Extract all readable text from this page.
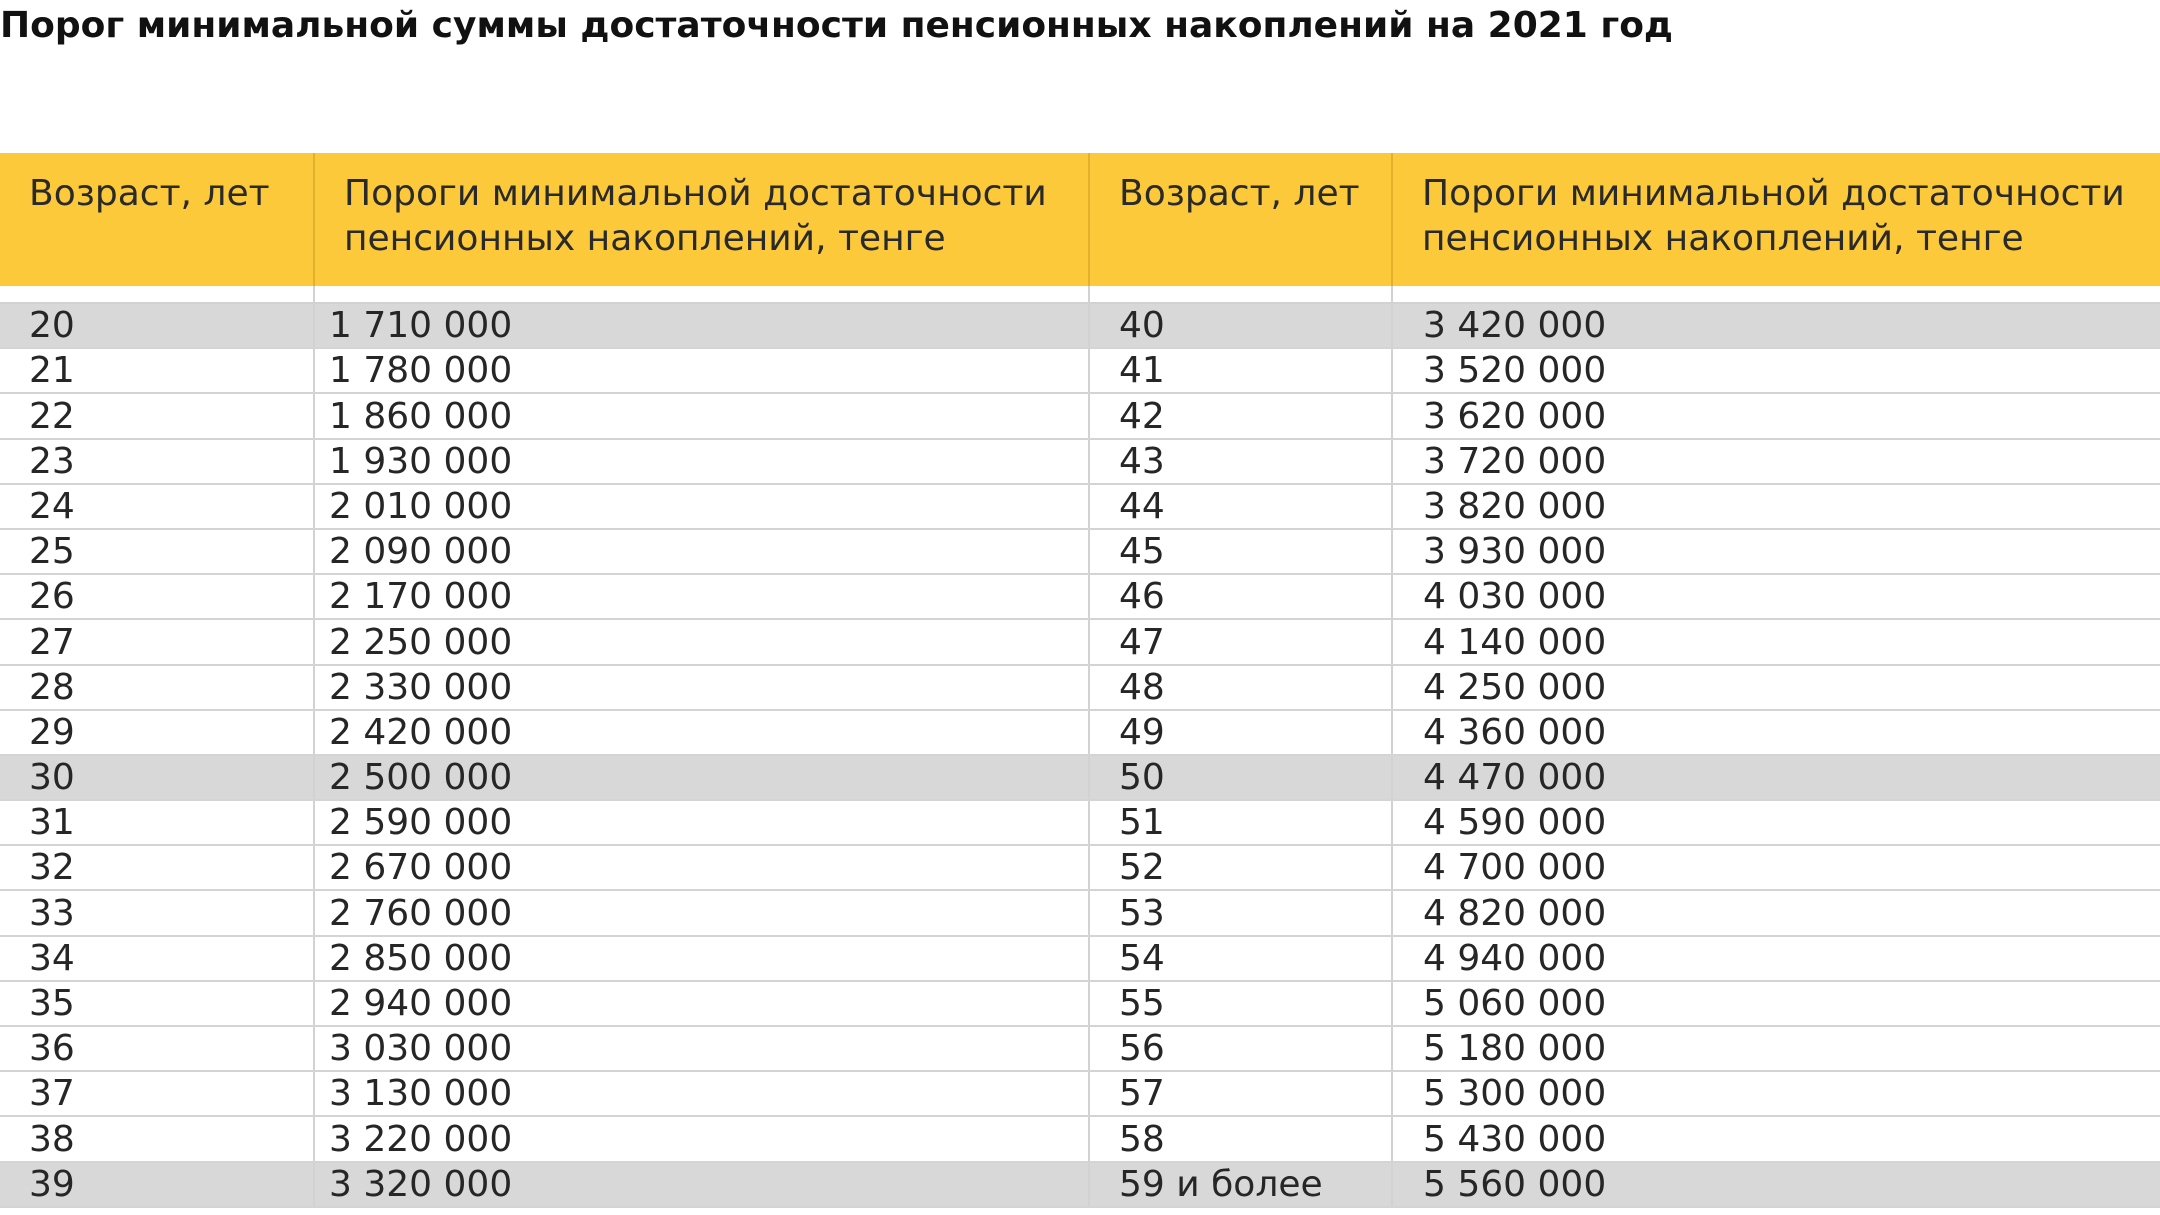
Порог минимальной суммы достаточности пенсионных накоплений на 2021 год
Возраст, лет	Пороги минимальной достаточности пенсионных накоплений, тенге	Возраст, лет	Пороги минимальной достаточности пенсионных накоплений, тенге

20	1 710 000	40	3 420 000
21	1 780 000	41	3 520 000
22	1 860 000	42	3 620 000
23	1 930 000	43	3 720 000
24	2 010 000	44	3 820 000
25	2 090 000	45	3 930 000
26	2 170 000	46	4 030 000
27	2 250 000	47	4 140 000
28	2 330 000	48	4 250 000
29	2 420 000	49	4 360 000
30	2 500 000	50	4 470 000
31	2 590 000	51	4 590 000
32	2 670 000	52	4 700 000
33	2 760 000	53	4 820 000
34	2 850 000	54	4 940 000
35	2 940 000	55	5 060 000
36	3 030 000	56	5 180 000
37	3 130 000	57	5 300 000
38	3 220 000	58	5 430 000
39	3 320 000	59 и более	5 560 000
